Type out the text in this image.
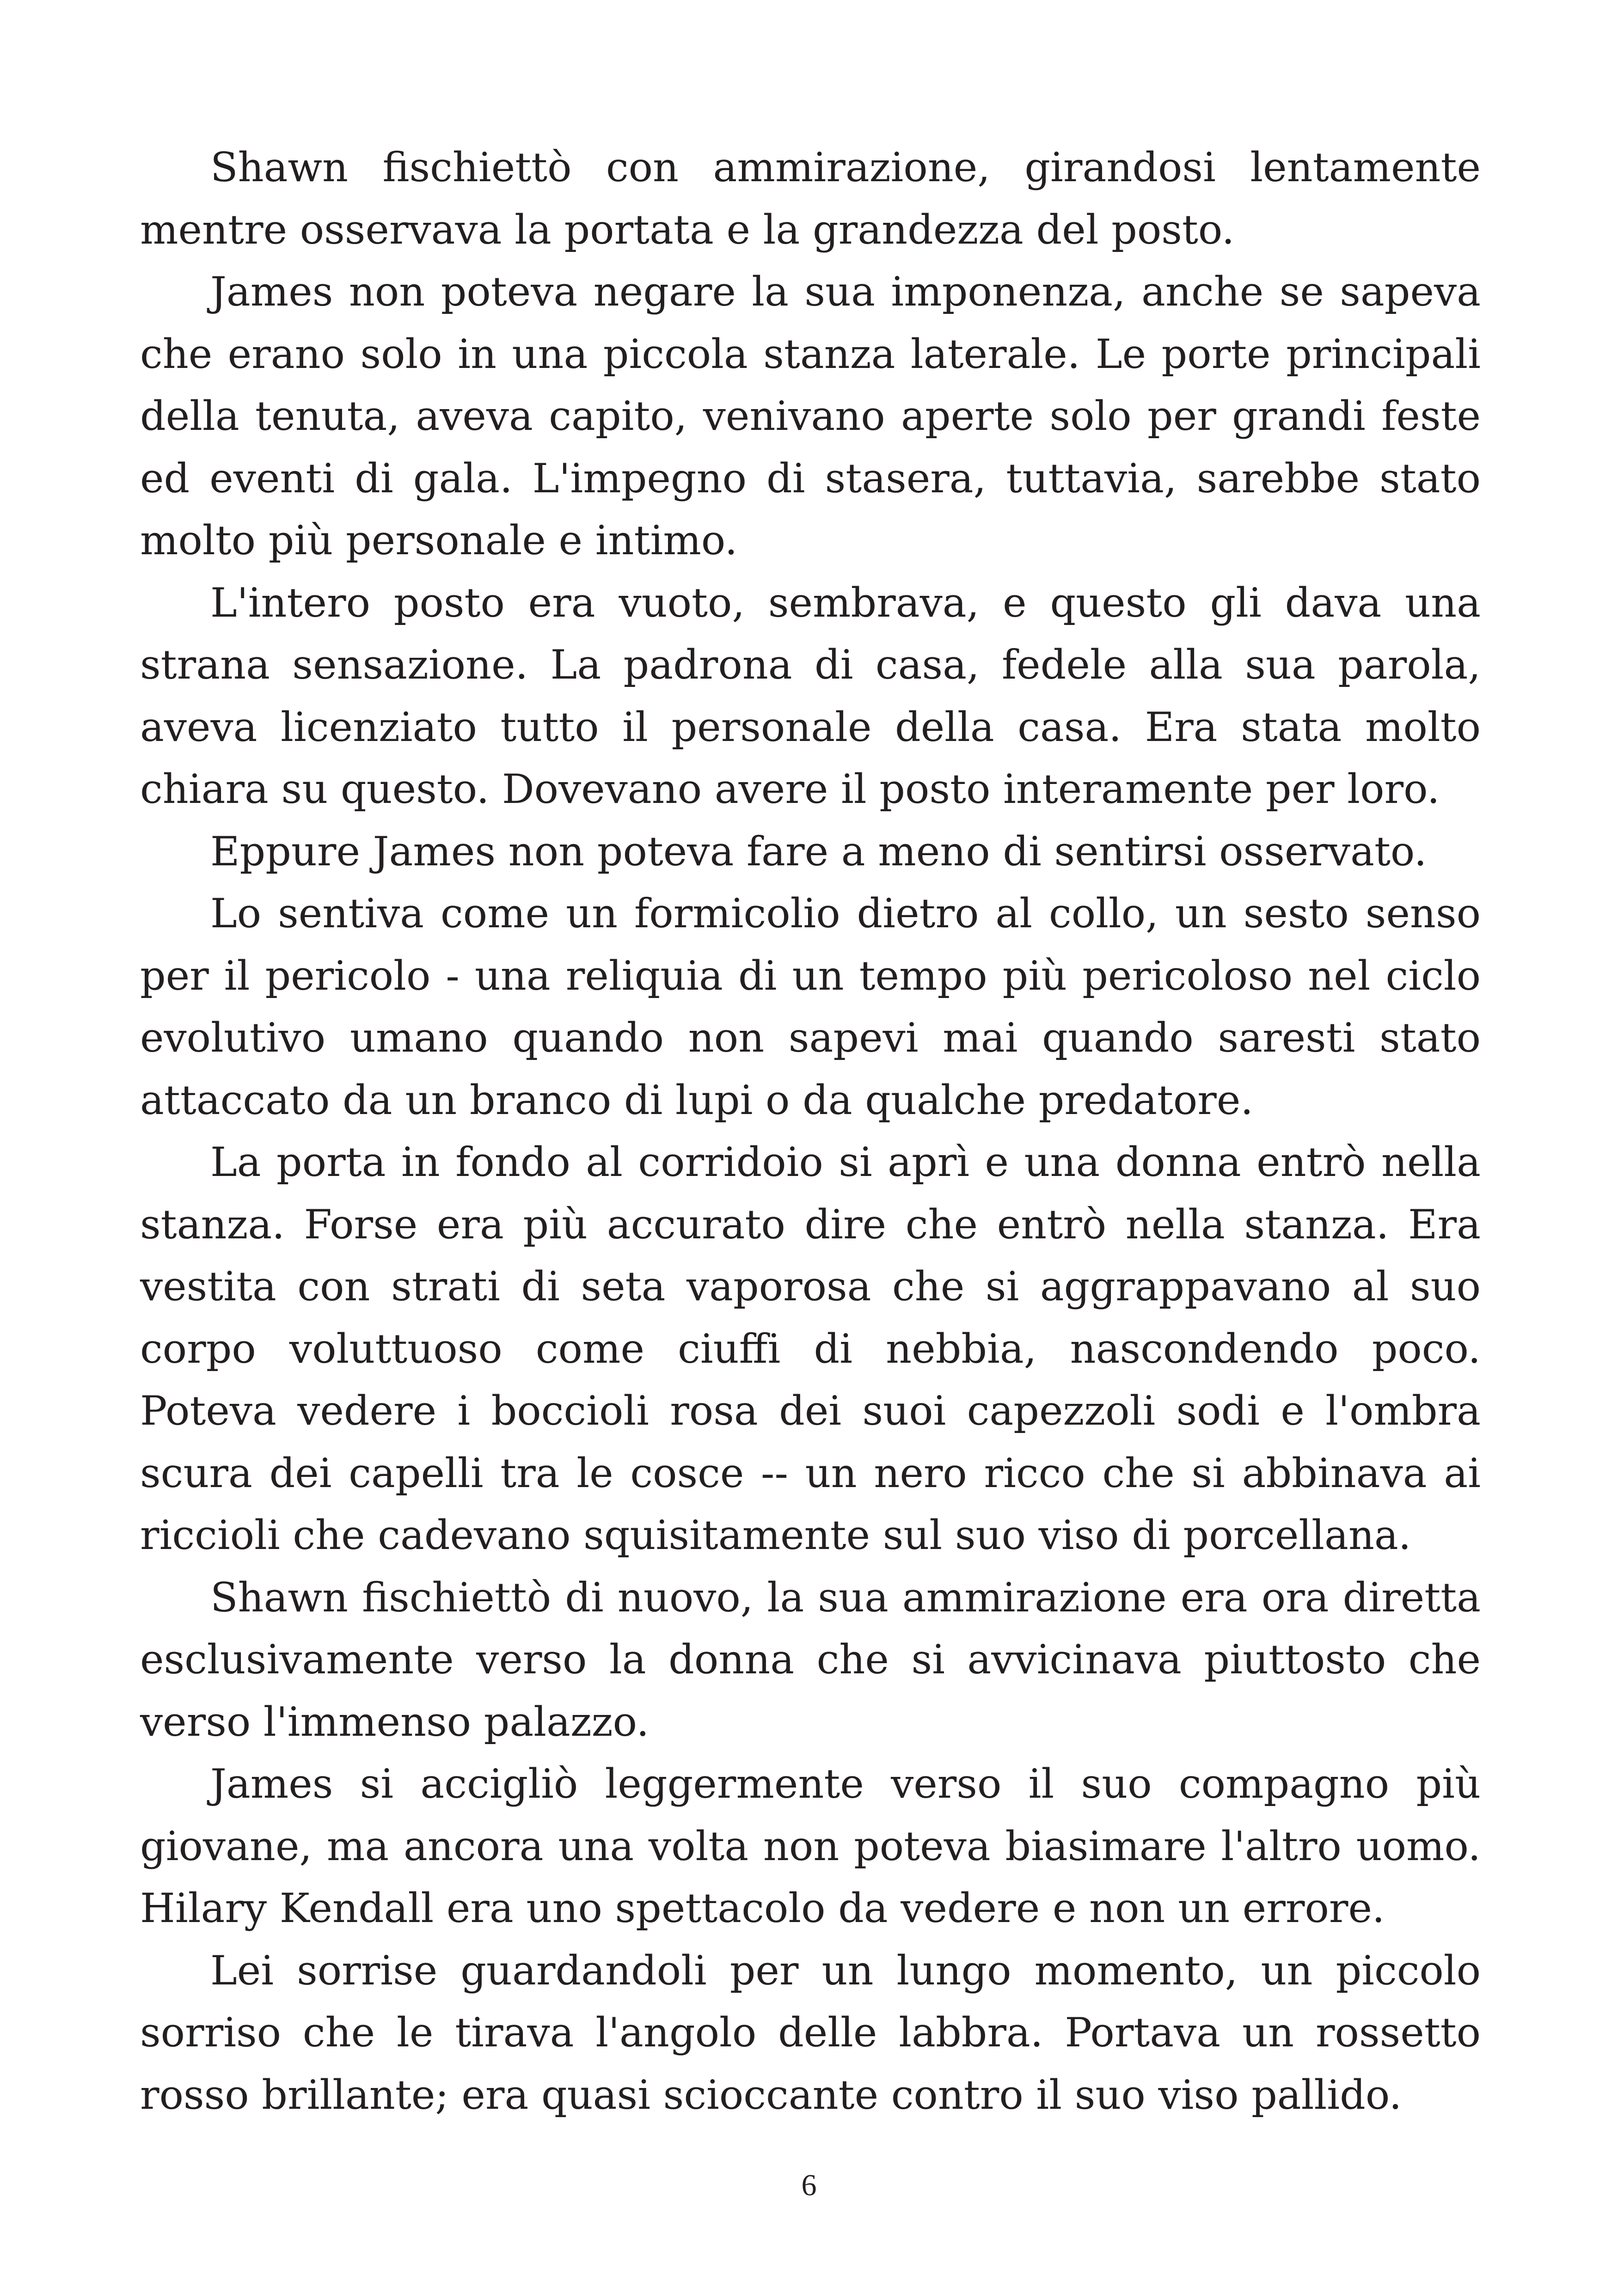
Shawn fischiettò con ammirazione, girandosi lentamente mentre osservava la portata e la grandezza del posto.

James non poteva negare la sua imponenza, anche se sapeva che erano solo in una piccola stanza laterale. Le porte principali della tenuta, aveva capito, venivano aperte solo per grandi feste ed eventi di gala. L'impegno di stasera, tuttavia, sarebbe stato molto più personale e intimo.

L'intero posto era vuoto, sembrava, e questo gli dava una strana sensazione. La padrona di casa, fedele alla sua parola, aveva licenziato tutto il personale della casa. Era stata molto chiara su questo. Dovevano avere il posto interamente per loro.

Eppure James non poteva fare a meno di sentirsi osservato.

Lo sentiva come un formicolio dietro al collo, un sesto senso per il pericolo - una reliquia di un tempo più pericoloso nel ciclo evolutivo umano quando non sapevi mai quando saresti stato attaccato da un branco di lupi o da qualche predatore.

La porta in fondo al corridoio si aprì e una donna entrò nella stanza. Forse era più accurato dire che entrò nella stanza. Era vestita con strati di seta vaporosa che si aggrappavano al suo corpo voluttuoso come ciuffi di nebbia, nascondendo poco. Poteva vedere i boccioli rosa dei suoi capezzoli sodi e l'ombra scura dei capelli tra le cosce -- un nero ricco che si abbinava ai riccioli che cadevano squisitamente sul suo viso di porcellana.

Shawn fischiettò di nuovo, la sua ammirazione era ora diretta esclusivamente verso la donna che si avvicinava piuttosto che verso l'immenso palazzo.

James si accigliò leggermente verso il suo compagno più giovane, ma ancora una volta non poteva biasimare l'altro uomo. Hilary Kendall era uno spettacolo da vedere e non un errore.

Lei sorrise guardandoli per un lungo momento, un piccolo sorriso che le tirava l'angolo delle labbra. Portava un rossetto rosso brillante; era quasi scioccante contro il suo viso pallido.

6
